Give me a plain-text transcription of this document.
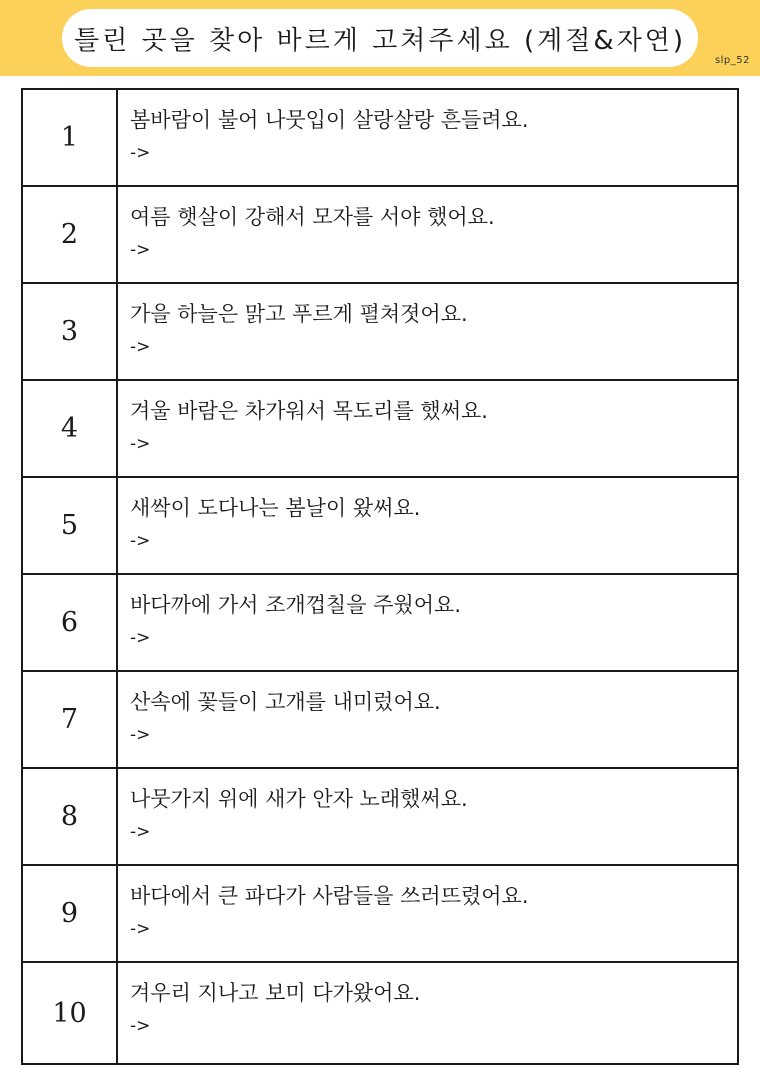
틀린 곳을 찾아 바르게 고쳐주세요 (계절&자연)
slp_52
1
봄바람이 불어 나뭇입이 살랑살랑 흔들려요.
->
2
여름 햇살이 강해서 모자를 서야 했어요.
->
3
가을 하늘은 맑고 푸르게 펼쳐졋어요.
->
4
겨울 바람은 차가워서 목도리를 했써요.
->
5
새싹이 도다나는 봄날이 왔써요.
->
6
바다까에 가서 조개껍칠을 주웠어요.
->
7
산속에 꽃들이 고개를 내미렀어요.
->
8
나뭇가지 위에 새가 안자 노래했써요.
->
9
바다에서 큰 파다가 사람들을 쓰러뜨렸어요.
->
10
겨우리 지나고 보미 다가왔어요.
->
